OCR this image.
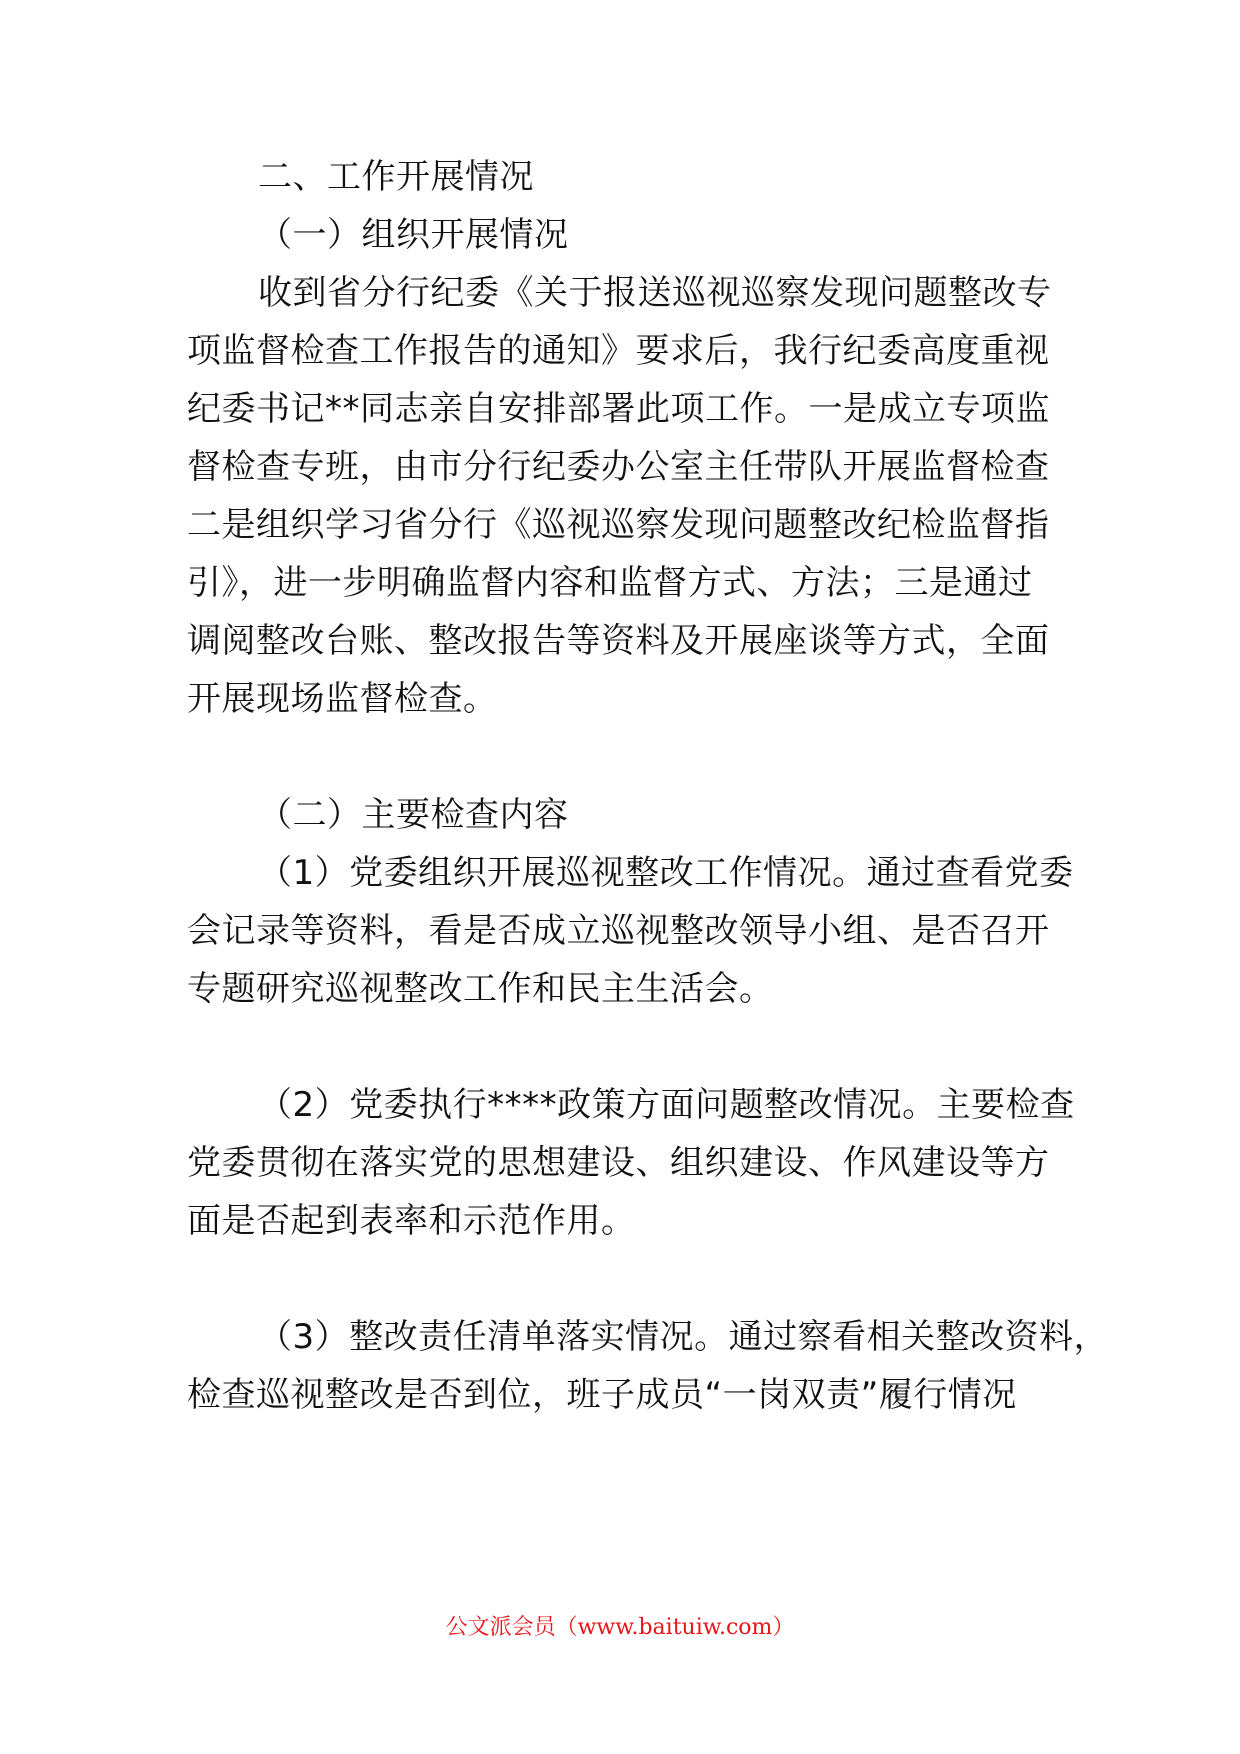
二、工作开展情况
（一）组织开展情况
收到省分行纪委《关于报送巡视巡察发现问题整改专
项监督检查工作报告的通知》要求后，我行纪委高度重视
纪委书记**同志亲自安排部署此项工作。一是成立专项监
督检查专班，由市分行纪委办公室主任带队开展监督检查
二是组织学习省分行《巡视巡察发现问题整改纪检监督指
引》，进一步明确监督内容和监督方式、方法；三是通过
调阅整改台账、整改报告等资料及开展座谈等方式，全面
开展现场监督检查。
（二）主要检查内容
（1）党委组织开展巡视整改工作情况。通过查看党委
会记录等资料，看是否成立巡视整改领导小组、是否召开
专题研究巡视整改工作和民主生活会。
（2）党委执行****政策方面问题整改情况。主要检查
党委贯彻在落实党的思想建设、组织建设、作风建设等方
面是否起到表率和示范作用。
（3）整改责任清单落实情况。通过察看相关整改资料，
检查巡视整改是否到位，班子成员“一岗双责”履行情况
公文派会员（www.baituiw.com）
